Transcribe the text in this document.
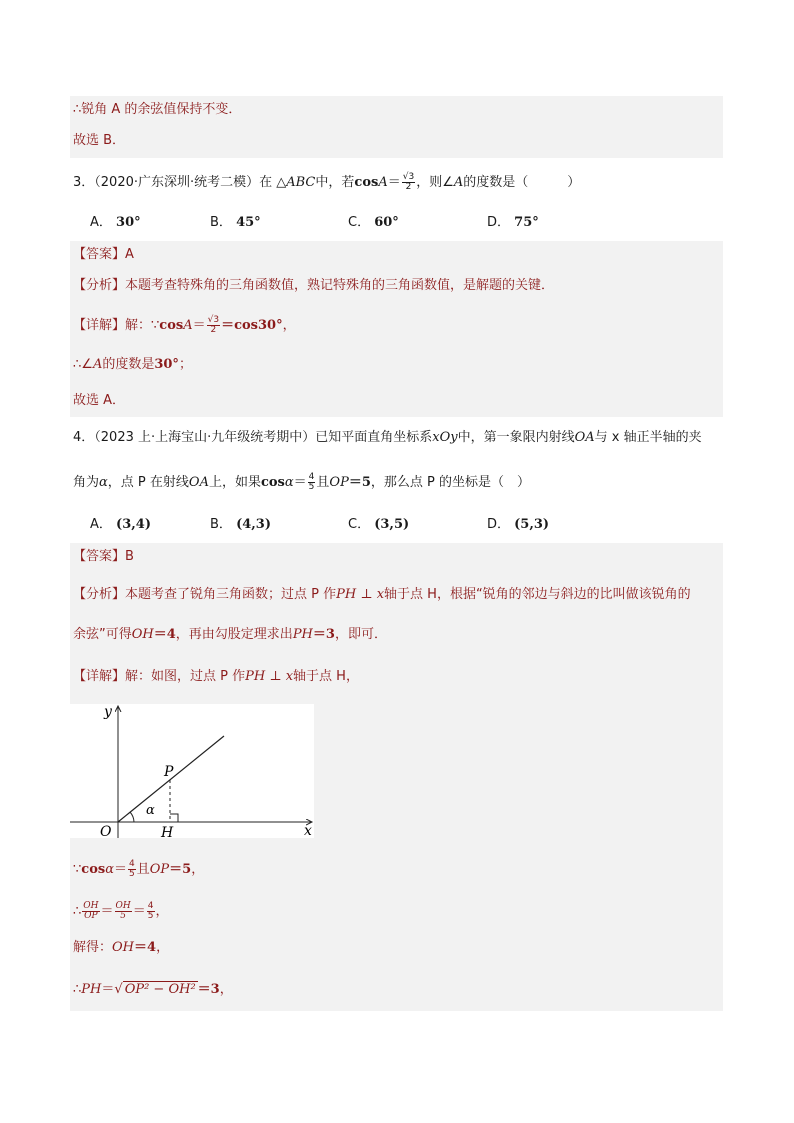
∴锐角 A 的余弦值保持不变．
故选 B．
3．（2020·广东深圳·统考二模）在 △ABC中，若$\cos A= \frac{√3}{2}$ ，则∠A的度数是（　　　）
A． 30°	B． 45°	C． 60°	D． 75°
【答案】A
【分析】本题考查特殊角的三角函数值，熟记特殊角的三角函数值，是解题的关键．
【详解】解：∵cosA＝ $\frac{√3}{2} =\cos 30^\circ$，
∴∠A的度数是30°；
故选 A．
4．（2023 上·上海宝山·九年级统考期中）已知平面直角坐标系xOy中，第一象限内射线OA与 x 轴正半轴的夹
角为α，点 P 在射线OA上，如果$\cos\alpha= \frac{4}{5}$ 且OP＝5，那么点 P 的坐标是（　）
A． (3,4)	B． (4,3)	C． (3,5)	D． (5,3)
【答案】B
【分析】本题考查了锐角三角函数；过点 P 作PH ⊥ x轴于点 H，根据“锐角的邻边与斜边的比叫做该锐角的
余弦”可得OH＝4，再由勾股定理求出PH＝3，即可．
【详解】解：如图，过点 P 作PH ⊥ x轴于点 H，
y
x
O	H
P
α
∵cosα＝ $\frac{4}{5}$ 且OP＝5，
∴ $\frac{OH}{OP} = \frac{OH}{5} = \frac{4}{5}$ ，
解得：OH＝4，
∴PH＝√ OP² − OH² ＝3，
